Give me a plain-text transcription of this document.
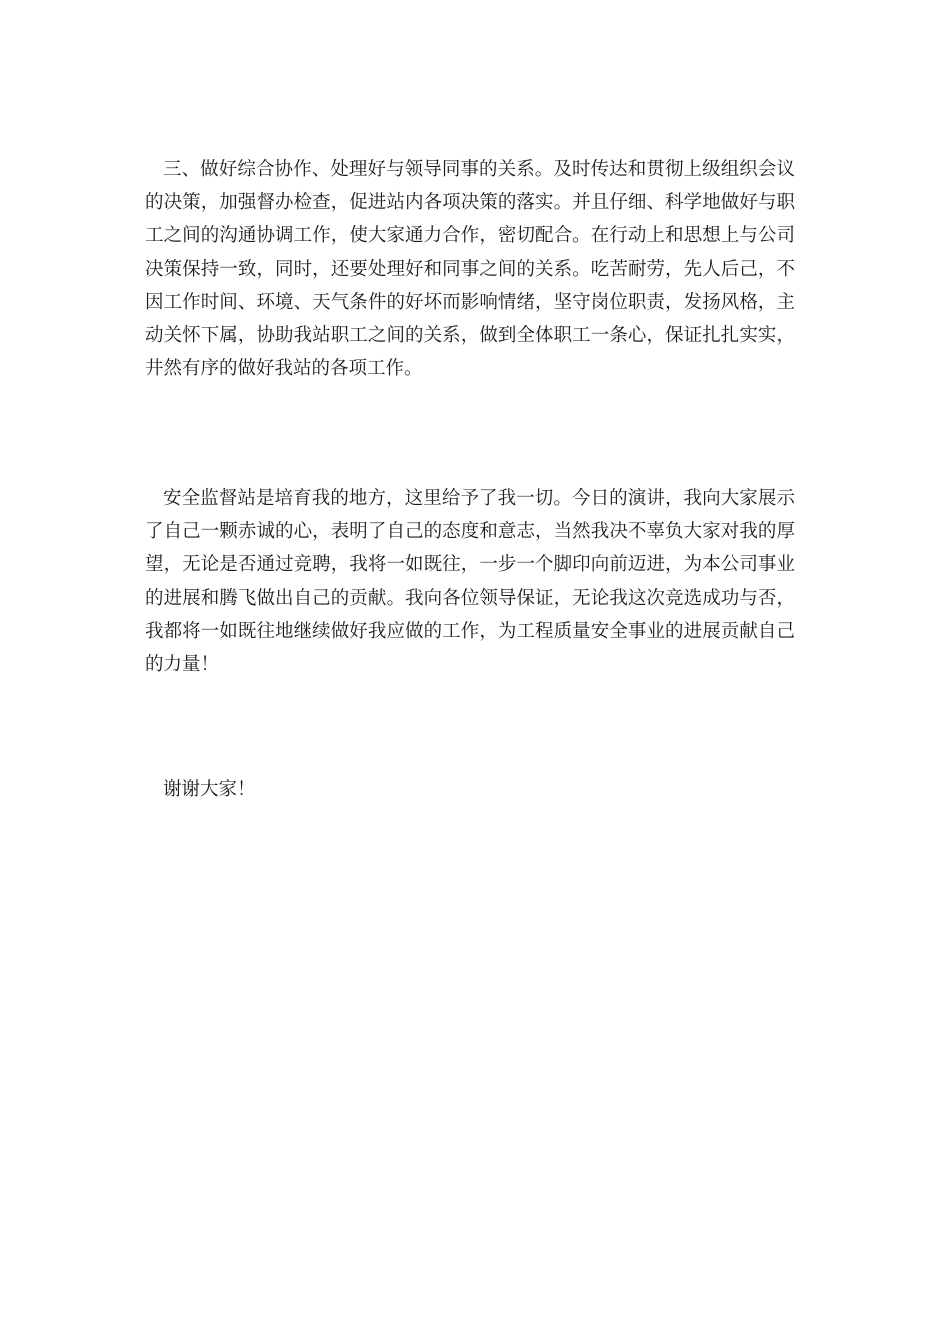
三、做好综合协作、处理好与领导同事的关系。及时传达和贯彻上级组织会议的决策，加强督办检查，促进站内各项决策的落实。并且仔细、科学地做好与职工之间的沟通协调工作，使大家通力合作，密切配合。在行动上和思想上与公司决策保持一致，同时，还要处理好和同事之间的关系。吃苦耐劳，先人后己，不因工作时间、环境、天气条件的好坏而影响情绪，坚守岗位职责，发扬风格，主动关怀下属，协助我站职工之间的关系，做到全体职工一条心，保证扎扎实实，井然有序的做好我站的各项工作。

安全监督站是培育我的地方，这里给予了我一切。今日的演讲，我向大家展示了自己一颗赤诚的心，表明了自己的态度和意志，当然我决不辜负大家对我的厚望，无论是否通过竞聘，我将一如既往，一步一个脚印向前迈进，为本公司事业的进展和腾飞做出自己的贡献。我向各位领导保证，无论我这次竞选成功与否，我都将一如既往地继续做好我应做的工作，为工程质量安全事业的进展贡献自己的力量！

谢谢大家！
